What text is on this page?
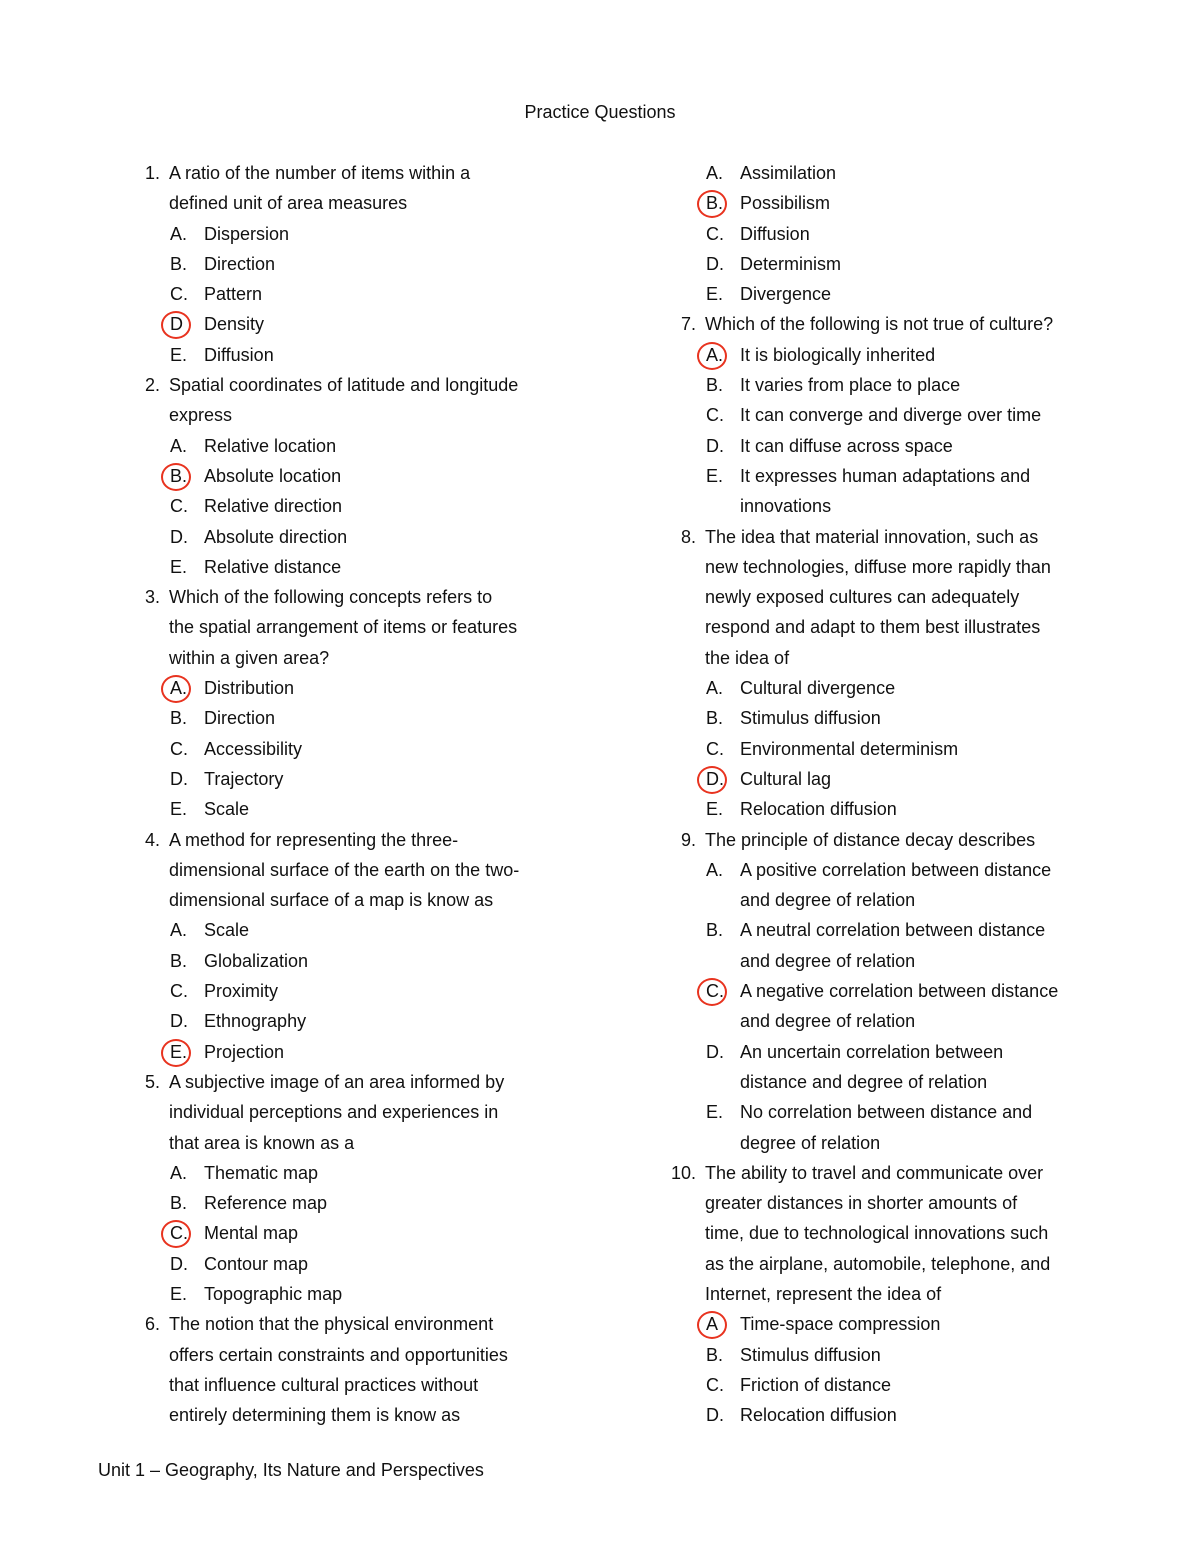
Practice Questions
1. A ratio of the number of items within a
defined unit of area measures
A. Dispersion
B. Direction
C. Pattern
D	Density
E. Diffusion
2. Spatial coordinates of latitude and longitude
express
A. Relative location
B. Absolute location
C. Relative direction
D. Absolute direction
E. Relative distance
3. Which of the following concepts refers to
the spatial arrangement of items or features
within a given area?
A. Distribution
B. Direction
C. Accessibility
D. Trajectory
E. Scale
4. A method for representing the three-
dimensional surface of the earth on the two-
dimensional surface of a map is know as
A. Scale
B. Globalization
C. Proximity
D. Ethnography
E. Projection
5. A subjective image of an area informed by
individual perceptions and experiences in
that area is known as a
A. Thematic map
B. Reference map
C. Mental map
D. Contour map
E. Topographic map
6. The notion that the physical environment
offers certain constraints and opportunities
that influence cultural practices without
entirely determining them is know as
A. Assimilation
B. Possibilism
C. Diffusion
D. Determinism
E. Divergence
7. Which of the following is not true of culture?
A. It is biologically inherited
B. It varies from place to place
C. It can converge and diverge over time
D. It can diffuse across space
E. It expresses human adaptations and
innovations
8. The idea that material innovation, such as
new technologies, diffuse more rapidly than
newly exposed cultures can adequately
respond and adapt to them best illustrates
the idea of
A. Cultural divergence
B. Stimulus diffusion
C. Environmental determinism
D. Cultural lag
E. Relocation diffusion
9. The principle of distance decay describes
A. A positive correlation between distance
and degree of relation
B. A neutral correlation between distance
and degree of relation
C. A negative correlation between distance
and degree of relation
D. An uncertain correlation between
distance and degree of relation
E. No correlation between distance and
degree of relation
10. The ability to travel and communicate over
greater distances in shorter amounts of
time, due to technological innovations such
as the airplane, automobile, telephone, and
Internet, represent the idea of
A	Time-space compression
B. Stimulus diffusion
C. Friction of distance
D. Relocation diffusion
Unit 1 – Geography, Its Nature and Perspectives
